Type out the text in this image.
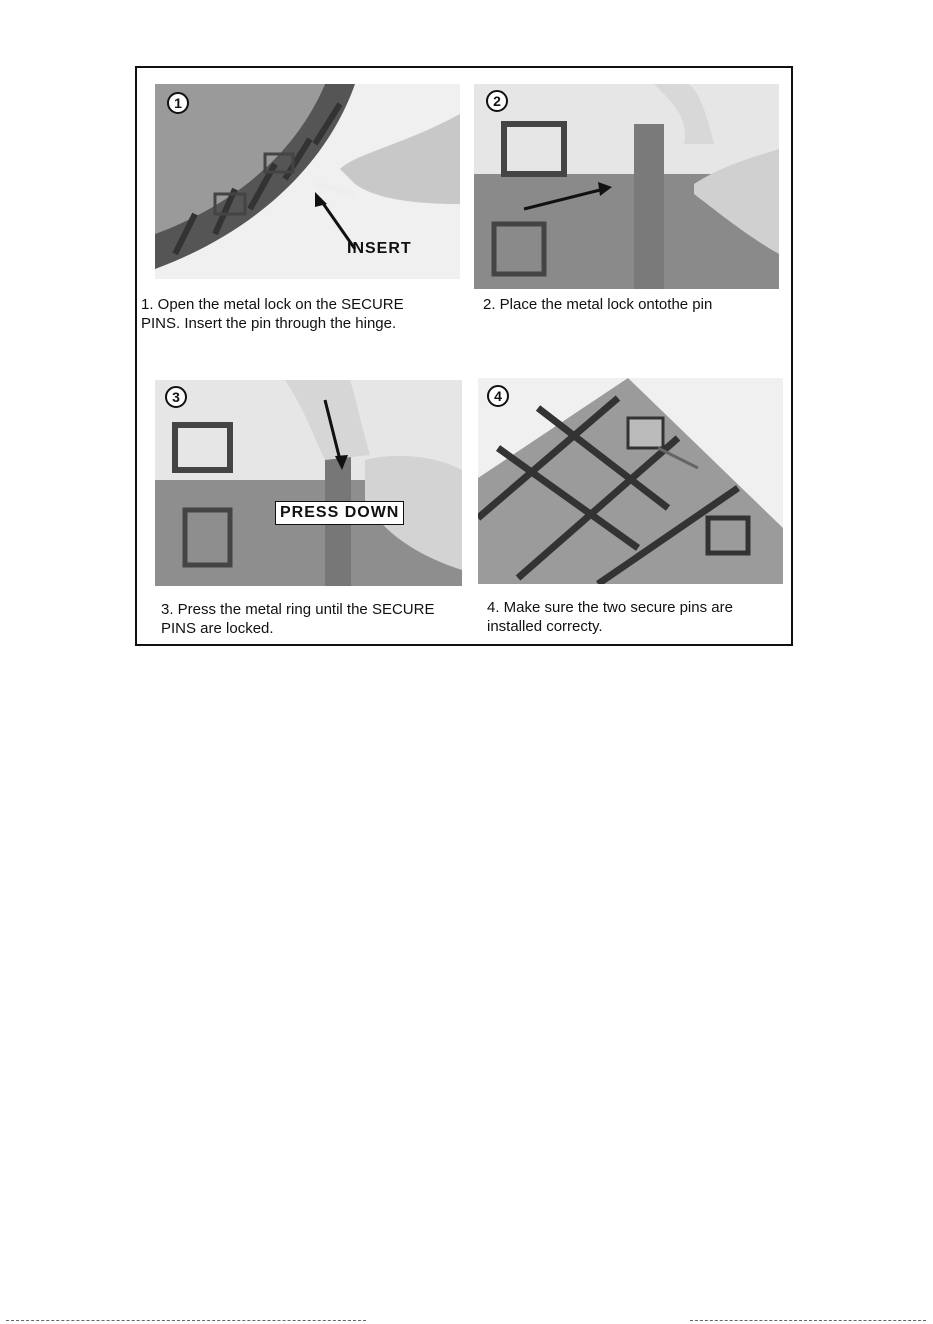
1
INSERT
2
3
PRESS DOWN
4
1. Open the metal lock on the SECURE
PINS. Insert the pin through the hinge.
2. Place the metal lock ontothe pin
3. Press the metal ring until the SECURE
PINS are locked.
4. Make sure the two secure pins are
installed correcty.
